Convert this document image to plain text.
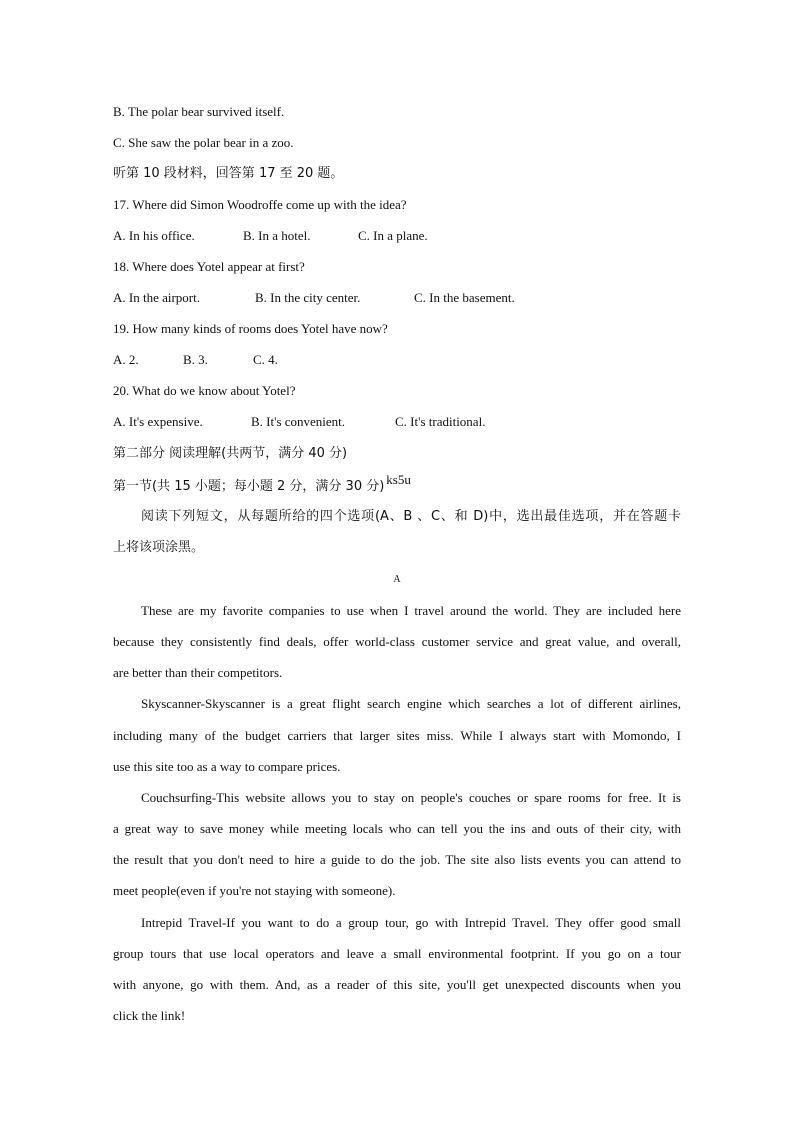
B. The polar bear survived itself.
C. She saw the polar bear in a zoo.
听第 10 段材料，回答第 17 至 20 题。
17. Where did Simon Woodroffe come up with the idea?
A. In his office.	B. In a hotel.	C. In a plane.
18. Where does Yotel appear at first?
A. In the airport.	B. In the city center.	C. In the basement.
19. How many kinds of rooms does Yotel have now?
A. 2.	B. 3.	C. 4.
20. What do we know about Yotel?
A. It's expensive.	B. It's convenient.	C. It's traditional.
第二部分 阅读理解(共两节，满分 40 分)
第一节(共 15 小题；每小题 2 分，满分 30 分) ks5u
阅读下列短文，从每题所给的四个选项(A、B 、C、和 D)中，选出最佳选项，并在答题卡
上将该项涂黑。
A
These are my favorite companies to use when I travel around the world. They are included here
because they consistently find deals, offer world-class customer service and great value, and overall,
are better than their competitors.
Skyscanner-Skyscanner is a great flight search engine which searches a lot of different airlines,
including many of the budget carriers that larger sites miss. While I always start with Momondo, I
use this site too as a way to compare prices.
Couchsurfing-This website allows you to stay on people's couches or spare rooms for free. It is
a great way to save money while meeting locals who can tell you the ins and outs of their city, with
the result that you don't need to hire a guide to do the job. The site also lists events you can attend to
meet people(even if you're not staying with someone).
Intrepid Travel-If you want to do a group tour, go with Intrepid Travel. They offer good small
group tours that use local operators and leave a small environmental footprint. If you go on a tour
with anyone, go with them. And, as a reader of this site, you'll get unexpected discounts when you
click the link!
